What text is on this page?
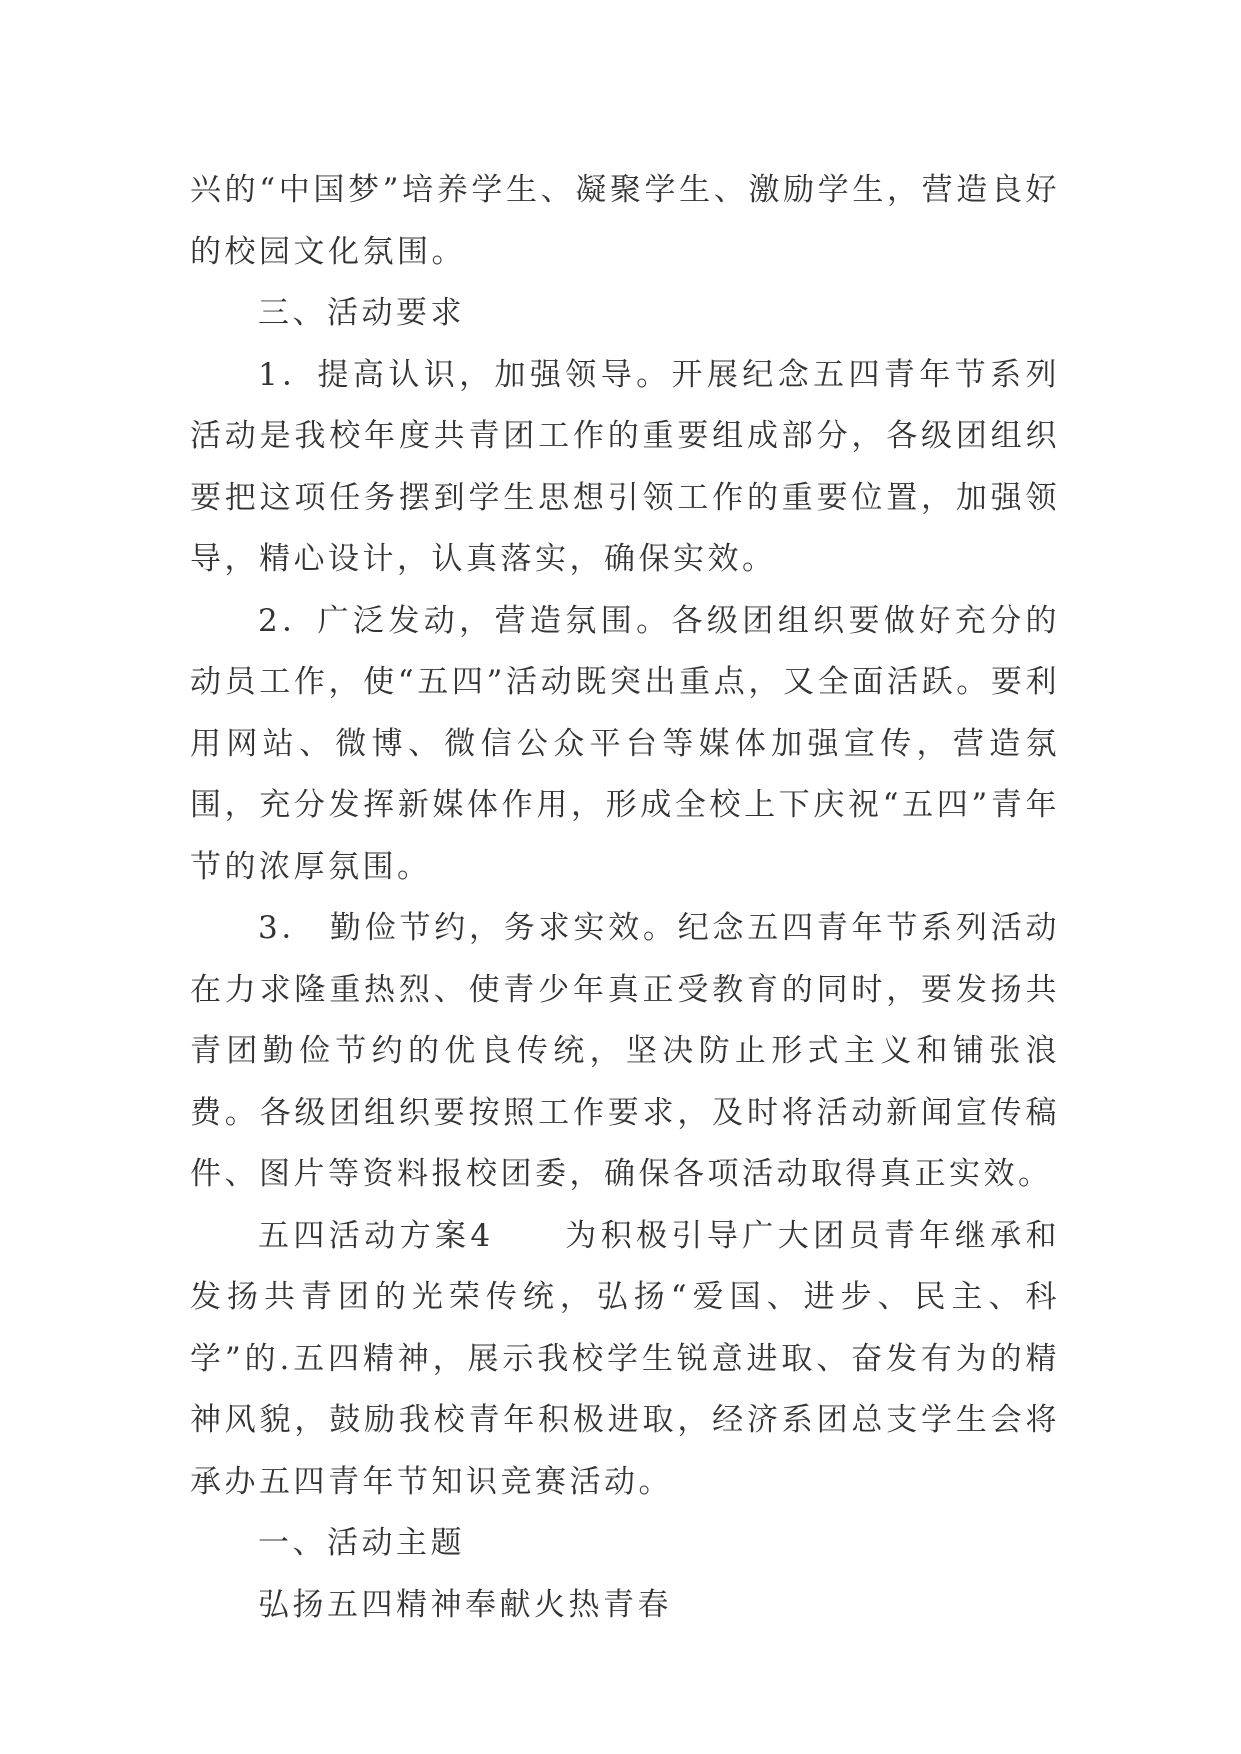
兴的“中国梦”培养学生、凝聚学生、激励学生，营造良好的校园文化氛围。

三、活动要求

1．提高认识，加强领导。开展纪念五四青年节系列活动是我校年度共青团工作的重要组成部分，各级团组织要把这项任务摆到学生思想引领工作的重要位置，加强领导，精心设计，认真落实，确保实效。

2．广泛发动，营造氛围。各级团组织要做好充分的动员工作，使“五四”活动既突出重点，又全面活跃。要利用网站、微博、微信公众平台等媒体加强宣传，营造氛围，充分发挥新媒体作用，形成全校上下庆祝“五四”青年节的浓厚氛围。

3． 勤俭节约，务求实效。纪念五四青年节系列活动在力求隆重热烈、使青少年真正受教育的同时，要发扬共青团勤俭节约的优良传统，坚决防止形式主义和铺张浪费。各级团组织要按照工作要求，及时将活动新闻宣传稿件、图片等资料报校团委，确保各项活动取得真正实效。

五四活动方案4　　为积极引导广大团员青年继承和发扬共青团的光荣传统，弘扬“爱国、进步、民主、科学”的.五四精神，展示我校学生锐意进取、奋发有为的精神风貌，鼓励我校青年积极进取，经济系团总支学生会将承办五四青年节知识竞赛活动。

一、活动主题

弘扬五四精神奉献火热青春
